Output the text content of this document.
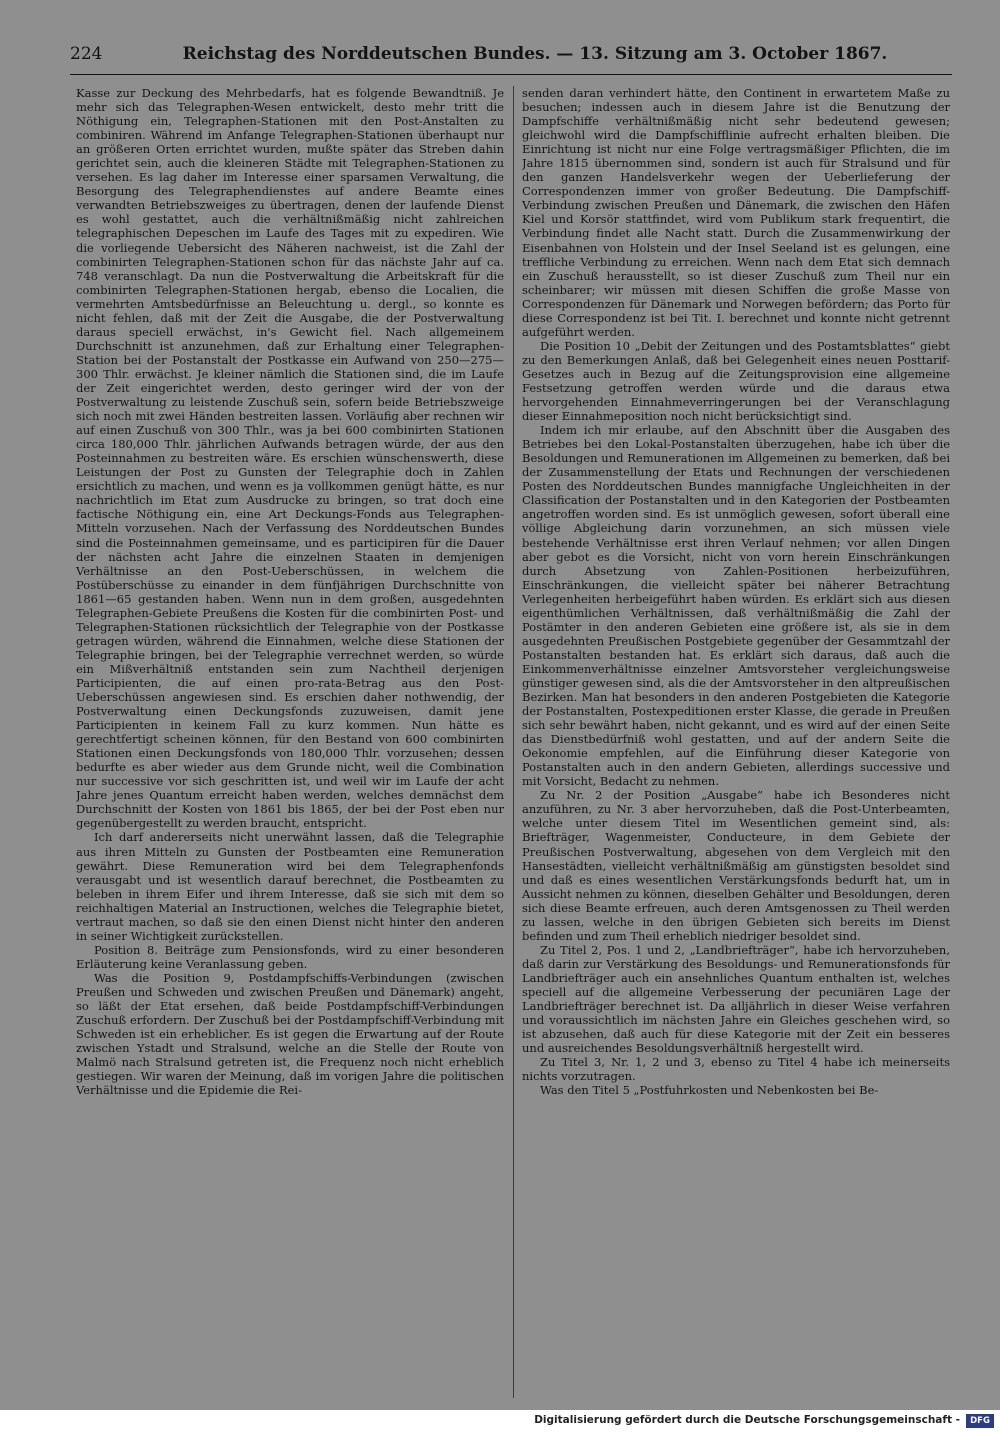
224	Reichstag des Norddeutschen Bundes. — 13. Sitzung am 3. October 1867.

Kasse zur Deckung des Mehrbedarfs, hat es folgende Bewandtniß. Je mehr sich das Telegraphen-Wesen entwickelt, desto mehr tritt die Nöthigung ein, Telegraphen-Stationen mit den Post-Anstalten zu combiniren. Während im Anfange Telegraphen-Stationen überhaupt nur an größeren Orten errichtet wurden, mußte später das Streben dahin gerichtet sein, auch die kleineren Städte mit Telegraphen-Stationen zu versehen. Es lag daher im Interesse einer sparsamen Verwaltung, die Besorgung des Telegraphendienstes auf andere Beamte eines verwandten Betriebszweiges zu übertragen, denen der laufende Dienst es wohl gestattet, auch die verhältnißmäßig nicht zahlreichen telegraphischen Depeschen im Laufe des Tages mit zu expediren. Wie die vorliegende Uebersicht des Näheren nachweist, ist die Zahl der combinirten Telegraphen-Stationen schon für das nächste Jahr auf ca. 748 veranschlagt. Da nun die Postverwaltung die Arbeitskraft für die combinirten Telegraphen-Stationen hergab, ebenso die Localien, die vermehrten Amtsbedürfnisse an Beleuchtung u. dergl., so konnte es nicht fehlen, daß mit der Zeit die Ausgabe, die der Postverwaltung daraus speciell erwächst, in's Gewicht fiel. Nach allgemeinem Durchschnitt ist anzunehmen, daß zur Erhaltung einer Telegraphen-Station bei der Postanstalt der Postkasse ein Aufwand von 250—275—300 Thlr. erwächst. Je kleiner nämlich die Stationen sind, die im Laufe der Zeit eingerichtet werden, desto geringer wird der von der Postverwaltung zu leistende Zuschuß sein, sofern beide Betriebszweige sich noch mit zwei Händen bestreiten lassen. Vorläufig aber rechnen wir auf einen Zuschuß von 300 Thlr., was ja bei 600 combinirten Stationen circa 180,000 Thlr. jährlichen Aufwands betragen würde, der aus den Posteinnahmen zu bestreiten wäre. Es erschien wünschenswerth, diese Leistungen der Post zu Gunsten der Telegraphie doch in Zahlen ersichtlich zu machen, und wenn es ja vollkommen genügt hätte, es nur nachrichtlich im Etat zum Ausdrucke zu bringen, so trat doch eine factische Nöthigung ein, eine Art Deckungs-Fonds aus Telegraphen-Mitteln vorzusehen. Nach der Verfassung des Norddeutschen Bundes sind die Posteinnahmen gemeinsame, und es participiren für die Dauer der nächsten acht Jahre die einzelnen Staaten in demjenigen Verhältnisse an den Post-Ueberschüssen, in welchem die Postüberschüsse zu einander in dem fünfjährigen Durchschnitte von 1861—65 gestanden haben. Wenn nun in dem großen, ausgedehnten Telegraphen-Gebiete Preußens die Kosten für die combinirten Post- und Telegraphen-Stationen rücksichtlich der Telegraphie von der Postkasse getragen würden, während die Einnahmen, welche diese Stationen der Telegraphie bringen, bei der Telegraphie verrechnet werden, so würde ein Mißverhältniß entstanden sein zum Nachtheil derjenigen Participienten, die auf einen pro-rata-Betrag aus den Post-Ueberschüssen angewiesen sind. Es erschien daher nothwendig, der Postverwaltung einen Deckungsfonds zuzuweisen, damit jene Participienten in keinem Fall zu kurz kommen. Nun hätte es gerechtfertigt scheinen können, für den Bestand von 600 combinirten Stationen einen Deckungsfonds von 180,000 Thlr. vorzusehen; dessen bedurfte es aber wieder aus dem Grunde nicht, weil die Combination nur successive vor sich geschritten ist, und weil wir im Laufe der acht Jahre jenes Quantum erreicht haben werden, welches demnächst dem Durchschnitt der Kosten von 1861 bis 1865, der bei der Post eben nur gegenübergestellt zu werden braucht, entspricht.

Ich darf andererseits nicht unerwähnt lassen, daß die Telegraphie aus ihren Mitteln zu Gunsten der Postbeamten eine Remuneration gewährt. Diese Remuneration wird bei dem Telegraphenfonds verausgabt und ist wesentlich darauf berechnet, die Postbeamten zu beleben in ihrem Eifer und ihrem Interesse, daß sie sich mit dem so reichhaltigen Material an Instructionen, welches die Telegraphie bietet, vertraut machen, so daß sie den einen Dienst nicht hinter den anderen in seiner Wichtigkeit zurückstellen.

Position 8. Beiträge zum Pensionsfonds, wird zu einer besonderen Erläuterung keine Veranlassung geben.

Was die Position 9, Postdampfschiffs-Verbindungen (zwischen Preußen und Schweden und zwischen Preußen und Dänemark) angeht, so läßt der Etat ersehen, daß beide Postdampfschiff-Verbindungen Zuschuß erfordern. Der Zuschuß bei der Postdampfschiff-Verbindung mit Schweden ist ein erheblicher. Es ist gegen die Erwartung auf der Route zwischen Ystadt und Stralsund, welche an die Stelle der Route von Malmö nach Stralsund getreten ist, die Frequenz noch nicht erheblich gestiegen. Wir waren der Meinung, daß im vorigen Jahre die politischen Verhältnisse und die Epidemie die Rei-

senden daran verhindert hätte, den Continent in erwartetem Maße zu besuchen; indessen auch in diesem Jahre ist die Benutzung der Dampfschiffe verhältnißmäßig nicht sehr bedeutend gewesen; gleichwohl wird die Dampfschifflinie aufrecht erhalten bleiben. Die Einrichtung ist nicht nur eine Folge vertragsmäßiger Pflichten, die im Jahre 1815 übernommen sind, sondern ist auch für Stralsund und für den ganzen Handelsverkehr wegen der Ueberlieferung der Correspondenzen immer von großer Bedeutung. Die Dampfschiff-Verbindung zwischen Preußen und Dänemark, die zwischen den Häfen Kiel und Korsör stattfindet, wird vom Publikum stark frequentirt, die Verbindung findet alle Nacht statt. Durch die Zusammenwirkung der Eisenbahnen von Holstein und der Insel Seeland ist es gelungen, eine treffliche Verbindung zu erreichen. Wenn nach dem Etat sich demnach ein Zuschuß herausstellt, so ist dieser Zuschuß zum Theil nur ein scheinbarer; wir müssen mit diesen Schiffen die große Masse von Correspondenzen für Dänemark und Norwegen befördern; das Porto für diese Correspondenz ist bei Tit. I. berechnet und konnte nicht getrennt aufgeführt werden.

Die Position 10 „Debit der Zeitungen und des Postamtsblattes“ giebt zu den Bemerkungen Anlaß, daß bei Gelegenheit eines neuen Posttarif-Gesetzes auch in Bezug auf die Zeitungsprovision eine allgemeine Festsetzung getroffen werden würde und die daraus etwa hervorgehenden Einnahmeverringerungen bei der Veranschlagung dieser Einnahmeposition noch nicht berücksichtigt sind.

Indem ich mir erlaube, auf den Abschnitt über die Ausgaben des Betriebes bei den Lokal-Postanstalten überzugehen, habe ich über die Besoldungen und Remunerationen im Allgemeinen zu bemerken, daß bei der Zusammenstellung der Etats und Rechnungen der verschiedenen Posten des Norddeutschen Bundes mannigfache Ungleichheiten in der Classification der Postanstalten und in den Kategorien der Postbeamten angetroffen worden sind. Es ist unmöglich gewesen, sofort überall eine völlige Abgleichung darin vorzunehmen, an sich müssen viele bestehende Verhältnisse erst ihren Verlauf nehmen; vor allen Dingen aber gebot es die Vorsicht, nicht von vorn herein Einschränkungen durch Absetzung von Zahlen-Positionen herbeizuführen, Einschränkungen, die vielleicht später bei näherer Betrachtung Verlegenheiten herbeigeführt haben würden. Es erklärt sich aus diesen eigenthümlichen Verhältnissen, daß verhältnißmäßig die Zahl der Postämter in den anderen Gebieten eine größere ist, als sie in dem ausgedehnten Preußischen Postgebiete gegenüber der Gesammtzahl der Postanstalten bestanden hat. Es erklärt sich daraus, daß auch die Einkommenverhältnisse einzelner Amtsvorsteher vergleichungsweise günstiger gewesen sind, als die der Amtsvorsteher in den altpreußischen Bezirken. Man hat besonders in den anderen Postgebieten die Kategorie der Postanstalten, Postexpeditionen erster Klasse, die gerade in Preußen sich sehr bewährt haben, nicht gekannt, und es wird auf der einen Seite das Dienstbedürfniß wohl gestatten, und auf der andern Seite die Oekonomie empfehlen, auf die Einführung dieser Kategorie von Postanstalten auch in den andern Gebieten, allerdings successive und mit Vorsicht, Bedacht zu nehmen.

Zu Nr. 2 der Position „Ausgabe“ habe ich Besonderes nicht anzuführen, zu Nr. 3 aber hervorzuheben, daß die Post-Unterbeamten, welche unter diesem Titel im Wesentlichen gemeint sind, als: Briefträger, Wagenmeister, Conducteure, in dem Gebiete der Preußischen Postverwaltung, abgesehen von dem Vergleich mit den Hansestädten, vielleicht verhältnißmäßig am günstigsten besoldet sind und daß es eines wesentlichen Verstärkungsfonds bedurft hat, um in Aussicht nehmen zu können, dieselben Gehälter und Besoldungen, deren sich diese Beamte erfreuen, auch deren Amtsgenossen zu Theil werden zu lassen, welche in den übrigen Gebieten sich bereits im Dienst befinden und zum Theil erheblich niedriger besoldet sind.

Zu Titel 2, Pos. 1 und 2, „Landbriefträger“, habe ich hervorzuheben, daß darin zur Verstärkung des Besoldungs- und Remunerationsfonds für Landbriefträger auch ein ansehnliches Quantum enthalten ist, welches speciell auf die allgemeine Verbesserung der pecuniären Lage der Landbriefträger berechnet ist. Da alljährlich in dieser Weise verfahren und voraussichtlich im nächsten Jahre ein Gleiches geschehen wird, so ist abzusehen, daß auch für diese Kategorie mit der Zeit ein besseres und ausreichendes Besoldungsverhältniß hergestellt wird.

Zu Titel 3, Nr. 1, 2 und 3, ebenso zu Titel 4 habe ich meinerseits nichts vorzutragen.

Was den Titel 5 „Postfuhrkosten und Nebenkosten bei Be-

Digitalisierung gefördert durch die Deutsche Forschungsgemeinschaft -	DFG
